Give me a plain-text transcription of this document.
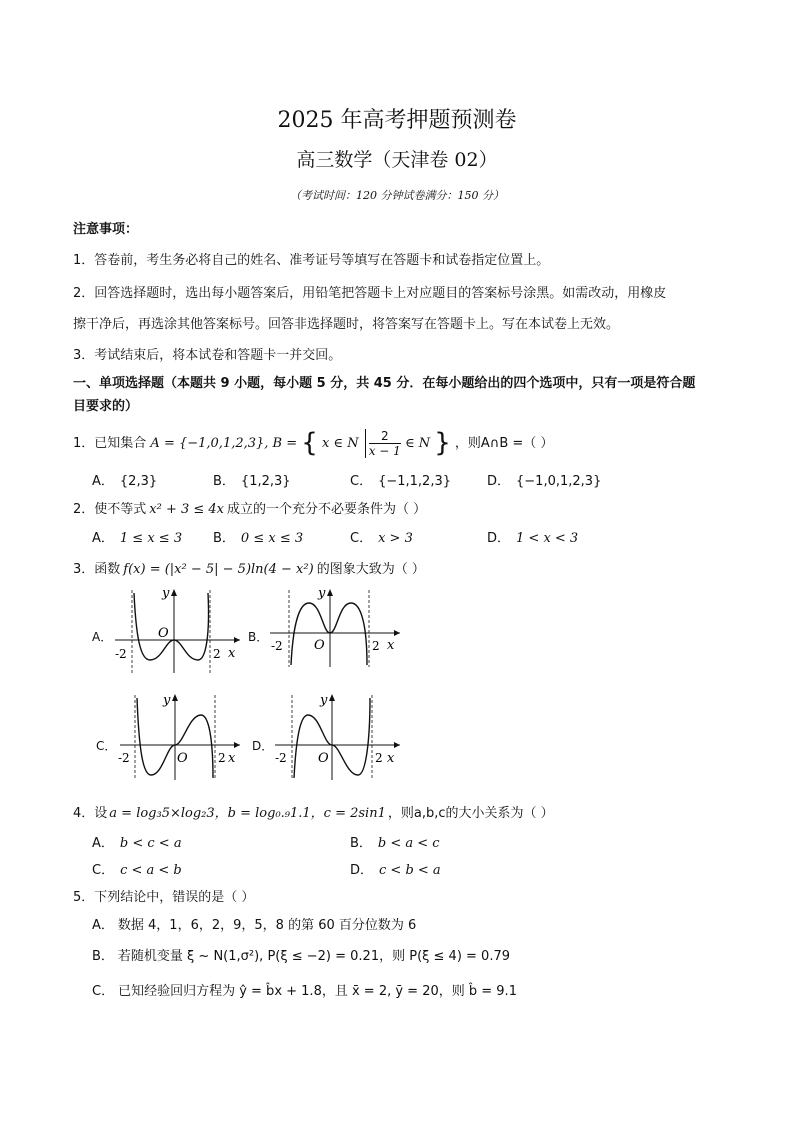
2025 年高考押题预测卷
高三数学（天津卷 02）
（考试时间：120 分钟试卷满分：150 分）
注意事项：
1．答卷前，考生务必将自己的姓名、准考证号等填写在答题卡和试卷指定位置上。
2．回答选择题时，选出每小题答案后，用铅笔把答题卡上对应题目的答案标号涂黑。如需改动，用橡皮
擦干净后，再选涂其他答案标号。回答非选择题时，将答案写在答题卡上。写在本试卷上无效。
3．考试结束后，将本试卷和答题卡一并交回。
一、单项选择题（本题共 9 小题，每小题 5 分，共 45 分．在每小题给出的四个选项中，只有一项是符合题
目要求的）
1．已知集合 A = {−1,0,1,2,3}, B = { x ∈ N $\frac{2}{x - 1}$ ∈ N } ，则A∩B =（ ）
A． {2,3}	B． {1,2,3}	C． {−1,1,2,3}	D． {−1,0,1,2,3}
2．使不等式 x² + 3 ≤ 4x 成立的一个充分不必要条件为（ ）
A． 1 ≤ x ≤ 3 B． 0 ≤ x ≤ 3	C． x > 3	D． 1 < x < 3
3．函数 f(x) = (|x² − 5| − 5)ln(4 − x²) 的图象大致为（ ）
A．
-2	2
O
y
x
B．
-2	2
O
y
x
C．
-2	2
O
y
x
D．
-2	2
O
y
x
4．设 a = log₃5×log₂3，b = log₀.₉1.1，c = 2sin1 ，则a,b,c的大小关系为（ ）
A． b < c < a	B． b < a < c
C． c < a < b	D． c < b < a
5．下列结论中，错误的是（ ）
A． 数据 4，1，6，2，9，5，8 的第 60 百分位数为 6
B． 若随机变量 ξ ~ N(1,σ²), P(ξ ≤ −2) = 0.21，则 P(ξ ≤ 4) = 0.79
C． 已知经验回归方程为 ŷ = b̂x + 1.8，且 x̄ = 2, ȳ = 20，则 b̂ = 9.1
